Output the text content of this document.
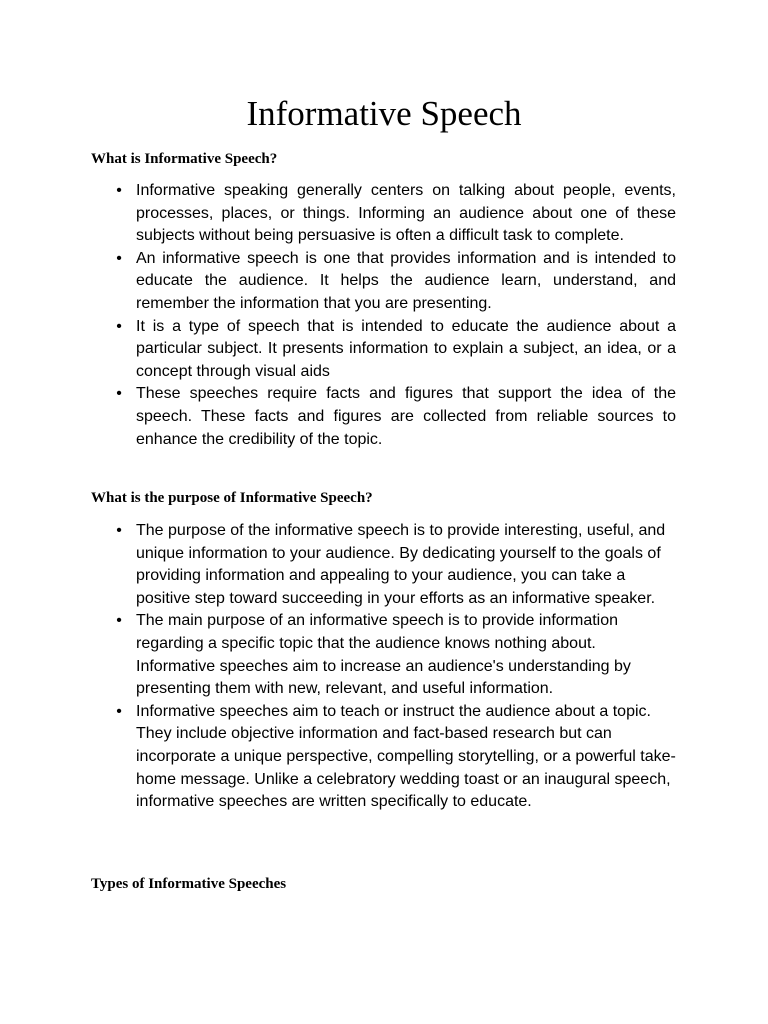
Informative Speech
What is Informative Speech?
• Informative speaking generally centers on talking about people, events, processes, places, or things. Informing an audience about one of these subjects without being persuasive is often a difficult task to complete.
• An informative speech is one that provides information and is intended to educate the audience. It helps the audience learn, understand, and remember the information that you are presenting.
• It is a type of speech that is intended to educate the audience about a particular subject. It presents information to explain a subject, an idea, or a concept through visual aids
• These speeches require facts and figures that support the idea of the speech. These facts and figures are collected from reliable sources to enhance the credibility of the topic.
What is the purpose of Informative Speech?
• The purpose of the informative speech is to provide interesting, useful, and unique information to your audience. By dedicating yourself to the goals of providing information and appealing to your audience, you can take a positive step toward succeeding in your efforts as an informative speaker.
• The main purpose of an informative speech is to provide information regarding a specific topic that the audience knows nothing about. Informative speeches aim to increase an audience's understanding by presenting them with new, relevant, and useful information.
• Informative speeches aim to teach or instruct the audience about a topic. They include objective information and fact-based research but can incorporate a unique perspective, compelling storytelling, or a powerful take-home message. Unlike a celebratory wedding toast or an inaugural speech, informative speeches are written specifically to educate.
Types of Informative Speeches
